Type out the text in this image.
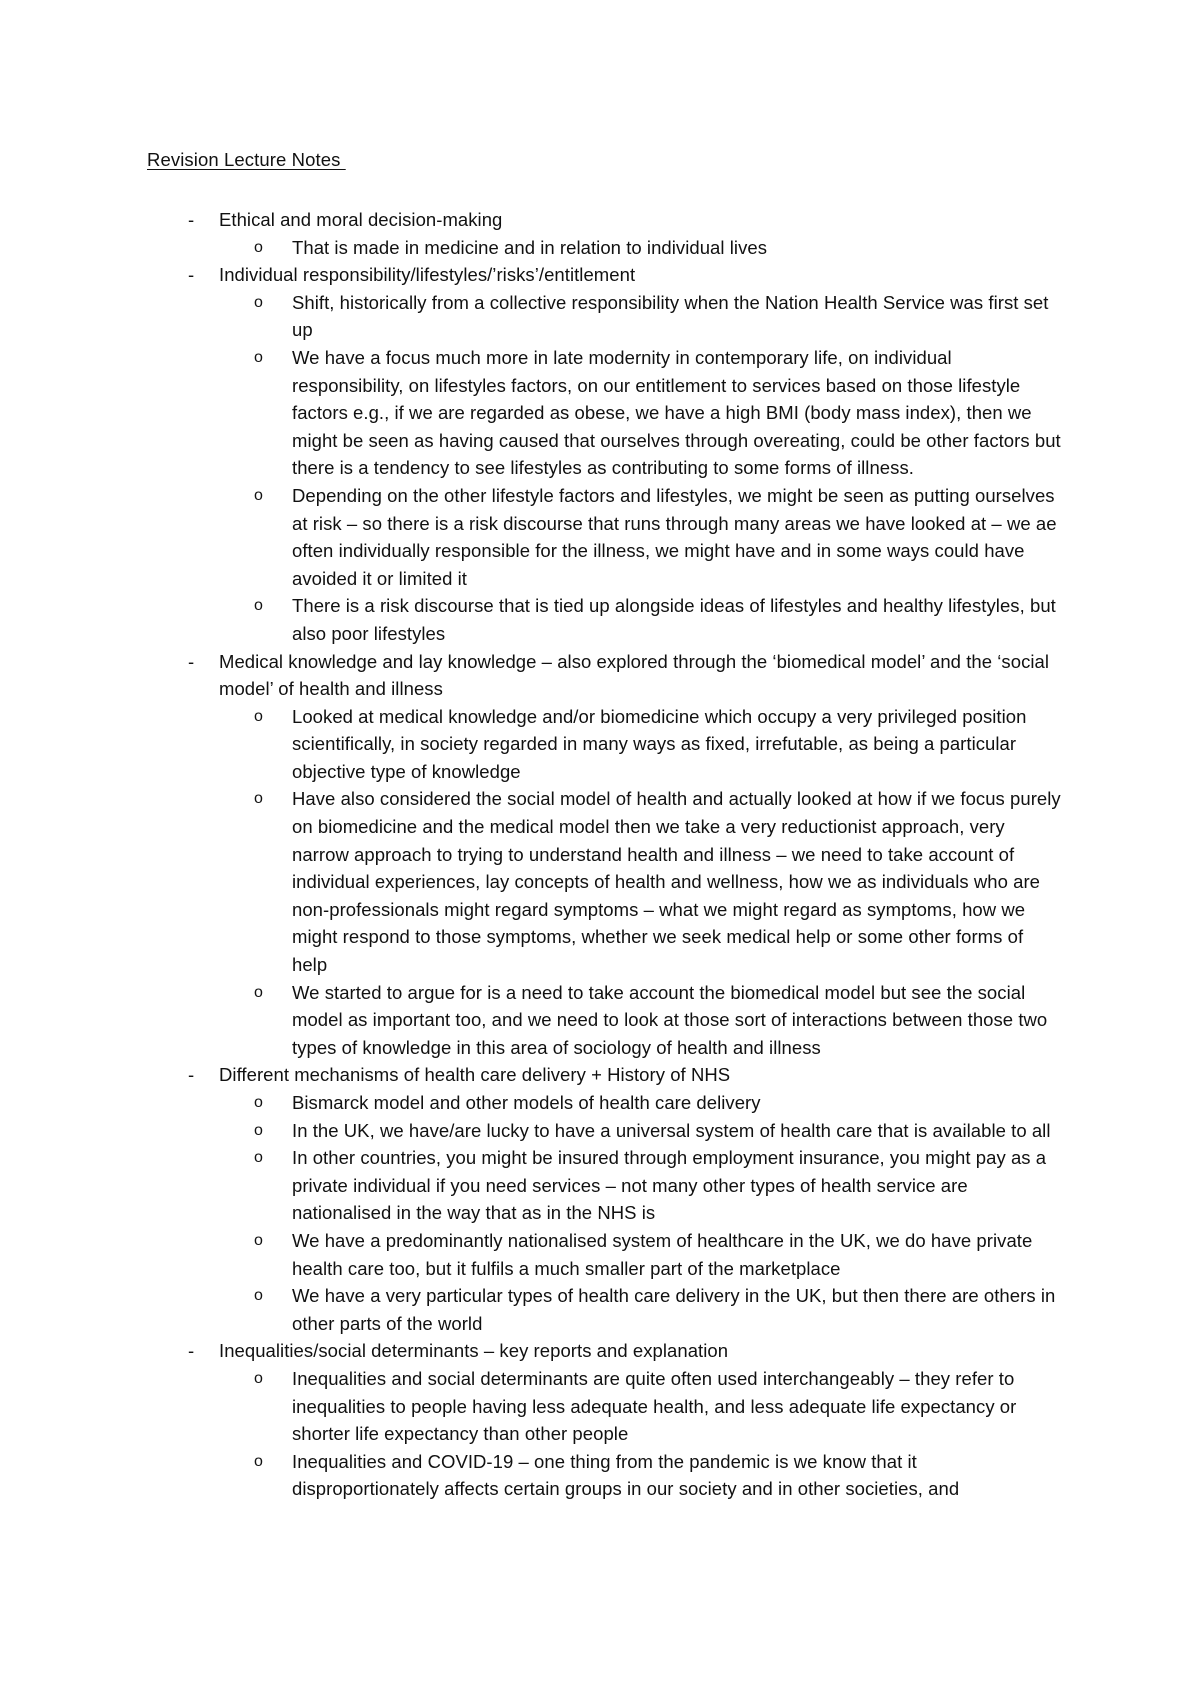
Revision Lecture Notes
-	Ethical and moral decision-making
o	That is made in medicine and in relation to individual lives
-	Individual responsibility/lifestyles/’risks’/entitlement
o	Shift, historically from a collective responsibility when the Nation Health Service was first set up
o	We have a focus much more in late modernity in contemporary life, on individual responsibility, on lifestyles factors, on our entitlement to services based on those lifestyle factors e.g., if we are regarded as obese, we have a high BMI (body mass index), then we might be seen as having caused that ourselves through overeating, could be other factors but there is a tendency to see lifestyles as contributing to some forms of illness.
o	Depending on the other lifestyle factors and lifestyles, we might be seen as putting ourselves at risk – so there is a risk discourse that runs through many areas we have looked at – we ae often individually responsible for the illness, we might have and in some ways could have avoided it or limited it
o	There is a risk discourse that is tied up alongside ideas of lifestyles and healthy lifestyles, but also poor lifestyles
-	Medical knowledge and lay knowledge – also explored through the ‘biomedical model’ and the ‘social model’ of health and illness
o	Looked at medical knowledge and/or biomedicine which occupy a very privileged position scientifically, in society regarded in many ways as fixed, irrefutable, as being a particular objective type of knowledge
o	Have also considered the social model of health and actually looked at how if we focus purely on biomedicine and the medical model then we take a very reductionist approach, very narrow approach to trying to understand health and illness – we need to take account of individual experiences, lay concepts of health and wellness, how we as individuals who are non-professionals might regard symptoms – what we might regard as symptoms, how we might respond to those symptoms, whether we seek medical help or some other forms of help
o	We started to argue for is a need to take account the biomedical model but see the social model as important too, and we need to look at those sort of interactions between those two types of knowledge in this area of sociology of health and illness
-	Different mechanisms of health care delivery + History of NHS
o	Bismarck model and other models of health care delivery
o	In the UK, we have/are lucky to have a universal system of health care that is available to all
o	In other countries, you might be insured through employment insurance, you might pay as a private individual if you need services – not many other types of health service are nationalised in the way that as in the NHS is
o	We have a predominantly nationalised system of healthcare in the UK, we do have private health care too, but it fulfils a much smaller part of the marketplace
o	We have a very particular types of health care delivery in the UK, but then there are others in other parts of the world
-	Inequalities/social determinants – key reports and explanation
o	Inequalities and social determinants are quite often used interchangeably – they refer to inequalities to people having less adequate health, and less adequate life expectancy or shorter life expectancy than other people
o	Inequalities and COVID-19 – one thing from the pandemic is we know that it disproportionately affects certain groups in our society and in other societies, and
